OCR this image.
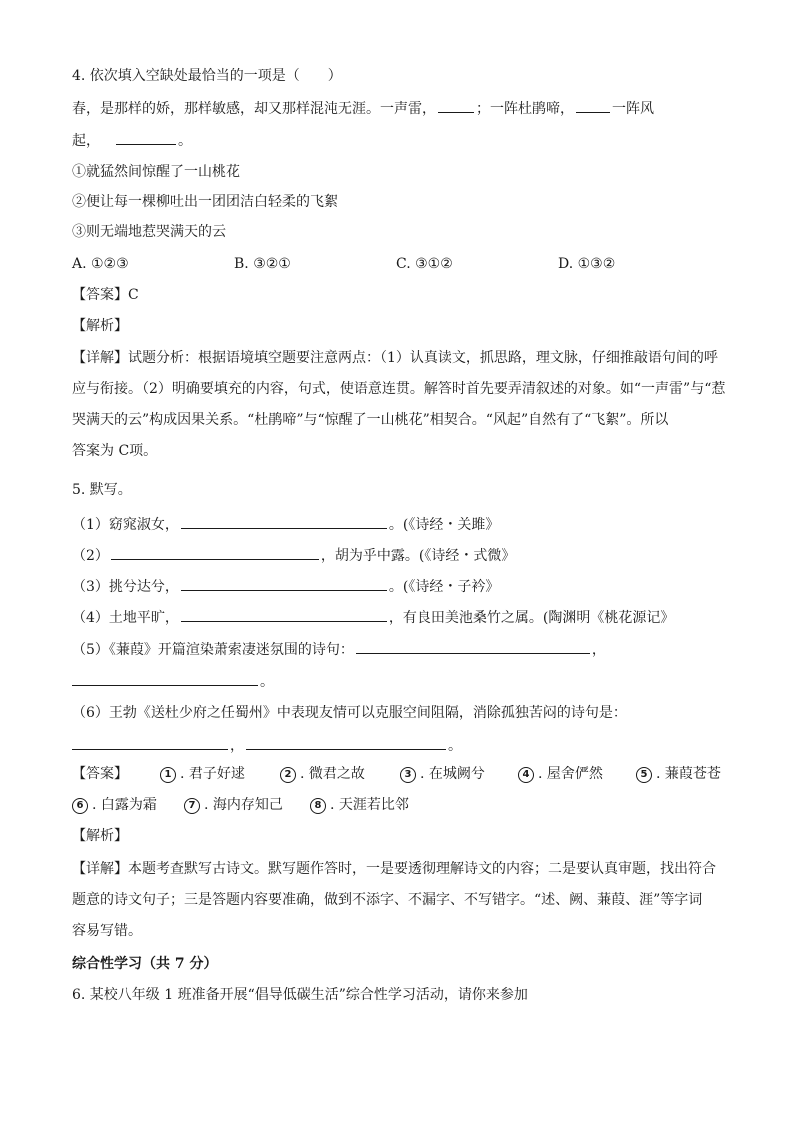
4. 依次填入空缺处最恰当的一项是（　　）
春，是那样的娇，那样敏感，却又那样混沌无涯。一声雷，	；一阵杜鹃啼，	一阵风
起，	。
①就猛然间惊醒了一山桃花
②便让每一棵柳吐出一团团洁白轻柔的飞絮
③则无端地惹哭满天的云
A. ①②③	B. ③②①	C. ③①②	D. ①③②
【答案】C
【解析】
【详解】试题分析：根据语境填空题要注意两点：（1）认真读文，抓思路，理文脉，仔细推敲语句间的呼
应与衔接。（2）明确要填充的内容，句式，使语意连贯。解答时首先要弄清叙述的对象。如“一声雷”与“惹
哭满天的云”构成因果关系。“杜鹃啼”与“惊醒了一山桃花”相契合。“风起”自然有了“飞絮”。所以
答案为 C项。
5. 默写。
（1）窈窕淑女，	。(《诗经・关雎》
（2）	，胡为乎中露。(《诗经・式微》
（3）挑兮达兮，	。(《诗经・子衿》
（4）土地平旷，	，有良田美池桑竹之属。(陶渊明《桃花源记》
（5）《蒹葭》开篇渲染萧索凄迷氛围的诗句：	，
。
（6）王勃《送杜少府之任蜀州》中表现友情可以克服空间阻隔，消除孤独苦闷的诗句是：
，	。
【答案】	1 . 君子好逑	2 . 微君之故	3 . 在城阙兮	4 . 屋舍俨然	5 . 蒹葭苍苍
6 . 白露为霜	7 . 海内存知己	8 . 天涯若比邻
【解析】
【详解】本题考查默写古诗文。默写题作答时，一是要透彻理解诗文的内容；二是要认真审题，找出符合
题意的诗文句子；三是答题内容要准确，做到不添字、不漏字、不写错字。“述、阙、蒹葭、涯”等字词
容易写错。
综合性学习（共 7 分）
6. 某校八年级 1 班准备开展“倡导低碳生活”综合性学习活动，请你来参加
